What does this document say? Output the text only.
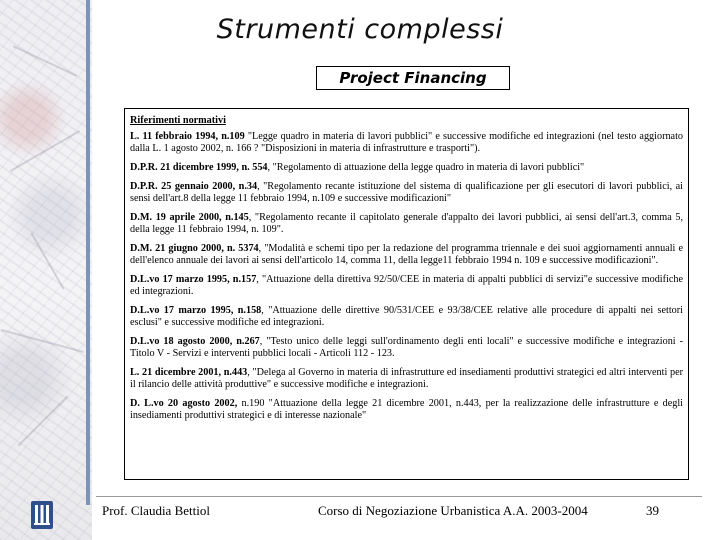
Strumenti complessi
Project Financing
Riferimenti normativi

L. 11 febbraio 1994, n.109 "Legge quadro in materia di lavori pubblici" e successive modifiche ed integrazioni (nel testo aggiornato dalla L. 1 agosto 2002, n. 166 ? "Disposizioni in materia di infrastrutture e trasporti").

D.P.R. 21 dicembre 1999, n. 554, "Regolamento di attuazione della legge quadro in materia di lavori pubblici"

D.P.R. 25 gennaio 2000, n.34, "Regolamento recante istituzione del sistema di qualificazione per gli esecutori di lavori pubblici, ai sensi dell'art.8 della legge 11 febbraio 1994, n.109 e successive modificazioni"

D.M. 19 aprile 2000, n.145, "Regolamento recante il capitolato generale d'appalto dei lavori pubblici, ai sensi dell'art.3, comma 5, della legge 11 febbraio 1994, n. 109".

D.M. 21 giugno 2000, n. 5374, "Modalità e schemi tipo per la redazione del programma triennale e dei suoi aggiornamenti annuali e dell'elenco annuale dei lavori ai sensi dell'articolo 14, comma 11, della legge11 febbraio 1994 n. 109 e successive modificazioni".

D.L.vo 17 marzo 1995, n.157, "Attuazione della direttiva 92/50/CEE in materia di appalti pubblici di servizi"e successive modifiche ed integrazioni.

D.L.vo 17 marzo 1995, n.158, "Attuazione delle direttive 90/531/CEE e 93/38/CEE relative alle procedure di appalti nei settori esclusi" e successive modifiche ed integrazioni.

D.L.vo 18 agosto 2000, n.267, "Testo unico delle leggi sull'ordinamento degli enti locali" e successive modifiche e integrazioni - Titolo V - Servizi e interventi pubblici locali - Articoli 112 - 123.

L. 21 dicembre 2001, n.443, "Delega al Governo in materia di infrastrutture ed insediamenti produttivi strategici ed altri interventi per il rilancio delle attività produttive" e successive modifiche e integrazioni.

D. L.vo 20 agosto 2002, n.190 "Attuazione della legge 21 dicembre 2001, n.443, per la realizzazione delle infrastrutture e degli insediamenti produttivi strategici e di interesse nazionale"

Prof. Claudia Bettiol	Corso di Negoziazione Urbanistica A.A. 2003-2004	39
